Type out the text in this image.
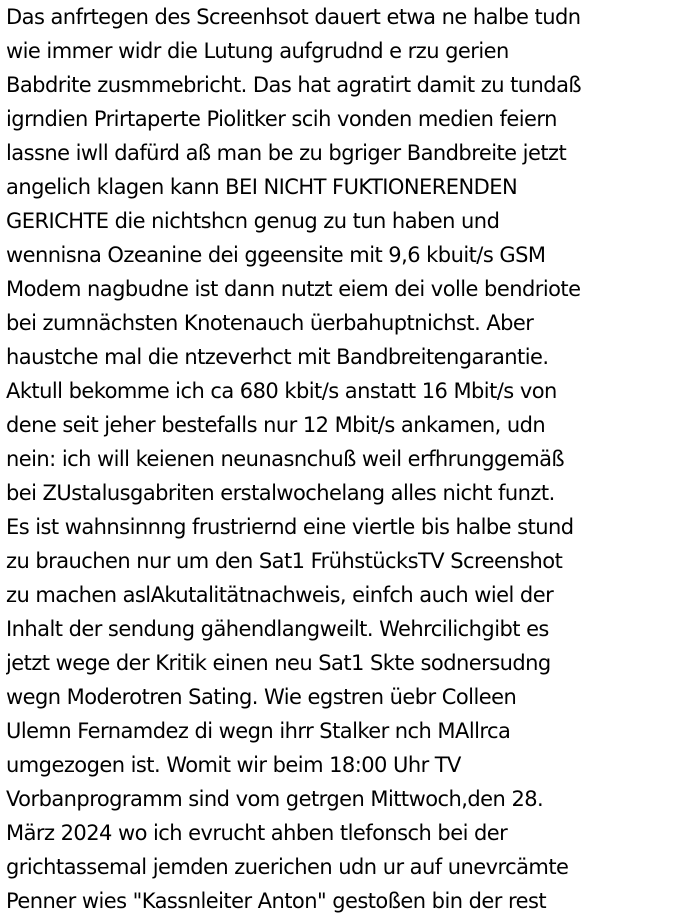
Das anfrtegen des Screenhsot dauert etwa ne halbe tudn
wie immer widr die Lutung aufgrudnd e rzu gerien
Babdrite zusmmebricht. Das hat agratirt damit zu tundaß
igrndien Prirtaperte Piolitker scih vonden medien feiern
lassne iwll dafürd aß man be zu bgriger Bandbreite jetzt
angelich klagen kann BEI NICHT FUKTIONERENDEN
GERICHTE die nichtshcn genug zu tun haben und
wennisna Ozeanine dei ggeensite mit 9,6 kbuit/s GSM
Modem nagbudne ist dann nutzt eiem dei volle bendriote
bei zumnächsten Knotenauch üerbahuptnichst. Aber
haustche mal die ntzeverhct mit Bandbreitengarantie.
Aktull bekomme ich ca 680 kbit/s anstatt 16 Mbit/s von
dene seit jeher bestefalls nur 12 Mbit/s ankamen, udn
nein: ich will keienen neunasnchuß weil erfhrunggemäß
bei ZUstalusgabriten erstalwochelang alles nicht funzt.
Es ist wahnsinnng frustriernd eine viertle bis halbe stund
zu brauchen nur um den Sat1 FrühstücksTV Screenshot
zu machen aslAkutalitätnachweis, einfch auch wiel der
Inhalt der sendung gähendlangweilt. Wehrcilichgibt es
jetzt wege der Kritik einen neu Sat1 Skte sodnersudng
wegn Moderotren Sating. Wie egstren üebr Colleen
Ulemn Fernamdez di wegn ihrr Stalker nch MAllrca
umgezogen ist. Womit wir beim 18:00 Uhr TV
Vorbanprogramm sind vom getrgen Mittwoch,den 28.
März 2024 wo ich evrucht ahben tlefonsch bei der
grichtassemal jemden zuerichen udn ur auf unevrcämte
Penner wies "Kassnleiter Anton" gestoßen bin der rest
